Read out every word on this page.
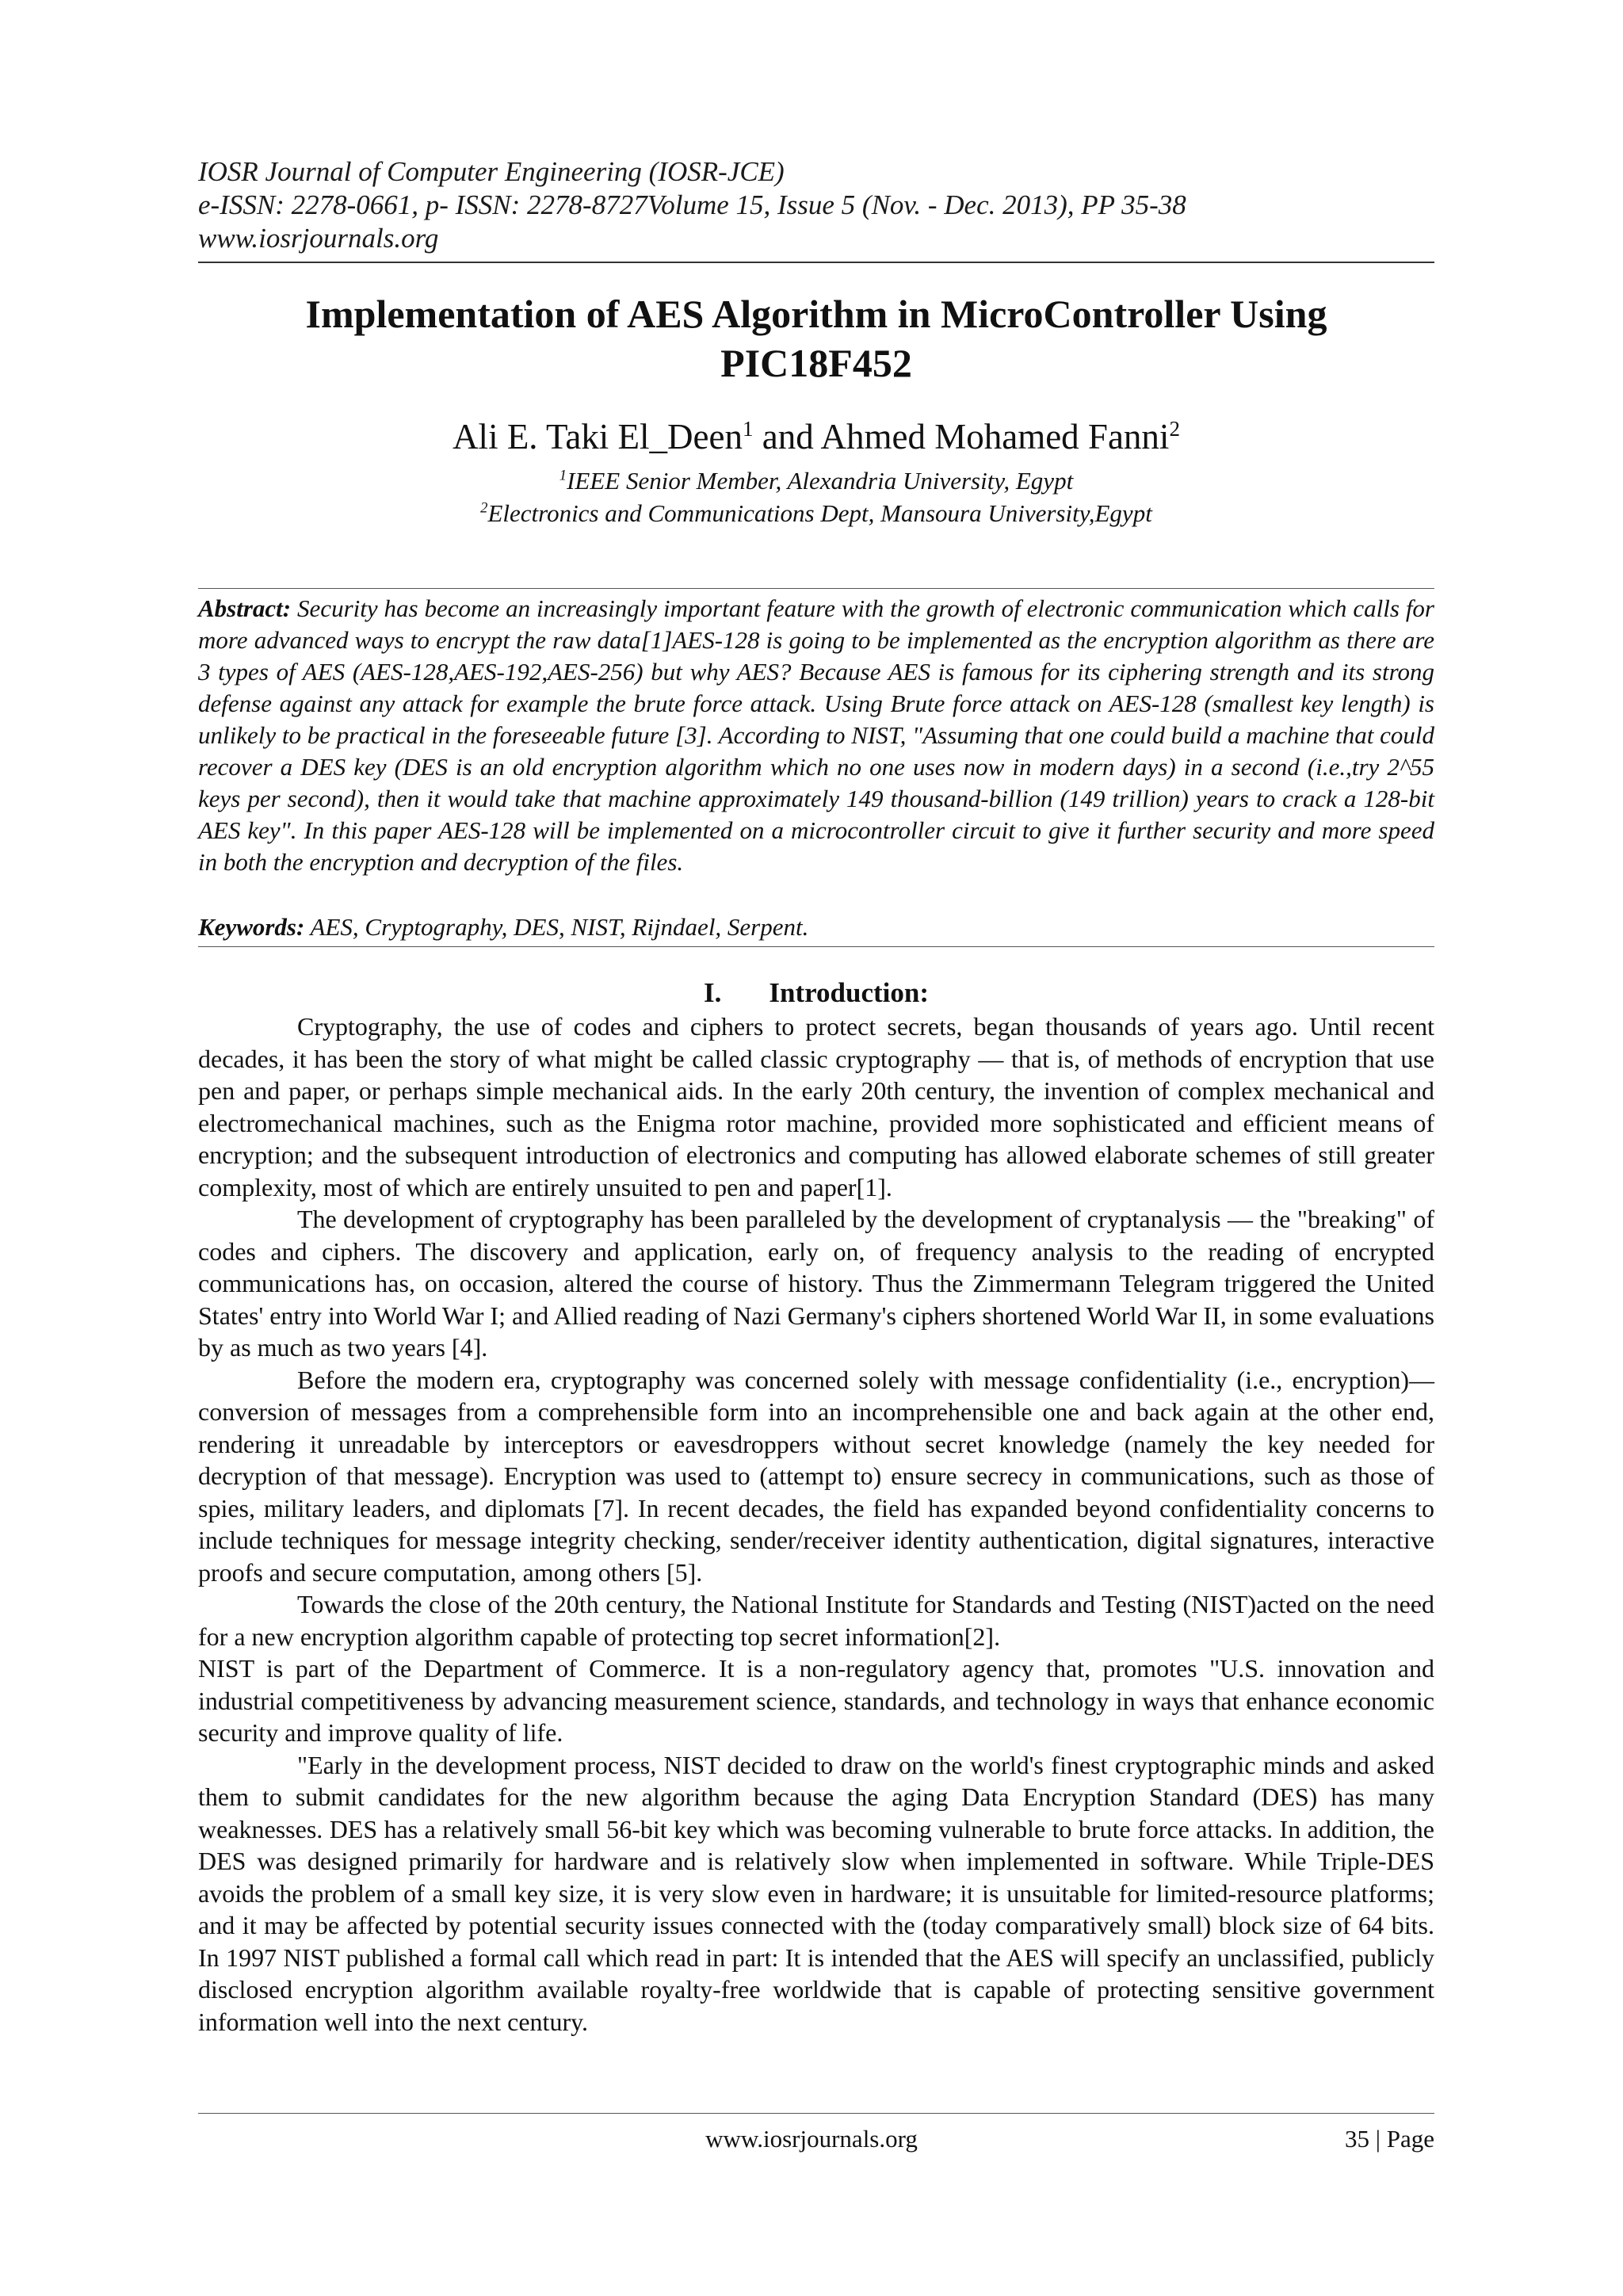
IOSR Journal of Computer Engineering (IOSR-JCE)
e-ISSN: 2278-0661, p- ISSN: 2278-8727Volume 15, Issue 5 (Nov. - Dec. 2013), PP 35-38
www.iosrjournals.org
Implementation of AES Algorithm in MicroController Using
PIC18F452
Ali E. Taki El_Deen$^1$ and Ahmed Mohamed Fanni$^2$
$^1$IEEE Senior Member, Alexandria University, Egypt
$^2$Electronics and Communications Dept, Mansoura University,Egypt
Abstract: Security has become an increasingly important feature with the growth of electronic communication which calls for more advanced ways to encrypt the raw data[1]AES-128 is going to be implemented as the encryption algorithm as there are 3 types of AES (AES-128,AES-192,AES-256) but why AES? Because AES is famous for its ciphering strength and its strong defense against any attack for example the brute force attack. Using Brute force attack on AES-128 (smallest key length) is unlikely to be practical in the foreseeable future [3]. According to NIST, "Assuming that one could build a machine that could recover a DES key (DES is an old encryption algorithm which no one uses now in modern days) in a second (i.e.,try 2^55 keys per second), then it would take that machine approximately 149 thousand-billion (149 trillion) years to crack a 128-bit AES key". In this paper AES-128 will be implemented on a microcontroller circuit to give it further security and more speed in both the encryption and decryption of the files.
Keywords: AES, Cryptography, DES, NIST, Rijndael, Serpent.
I. Introduction:

Cryptography, the use of codes and ciphers to protect secrets, began thousands of years ago. Until recent decades, it has been the story of what might be called classic cryptography — that is, of methods of encryption that use pen and paper, or perhaps simple mechanical aids. In the early 20th century, the invention of complex mechanical and electromechanical machines, such as the Enigma rotor machine, provided more sophisticated and efficient means of encryption; and the subsequent introduction of electronics and computing has allowed elaborate schemes of still greater complexity, most of which are entirely unsuited to pen and paper[1].

The development of cryptography has been paralleled by the development of cryptanalysis — the "breaking" of codes and ciphers. The discovery and application, early on, of frequency analysis to the reading of encrypted communications has, on occasion, altered the course of history. Thus the Zimmermann Telegram triggered the United States' entry into World War I; and Allied reading of Nazi Germany's ciphers shortened World War II, in some evaluations by as much as two years [4].

Before the modern era, cryptography was concerned solely with message confidentiality (i.e., encryption)—conversion of messages from a comprehensible form into an incomprehensible one and back again at the other end, rendering it unreadable by interceptors or eavesdroppers without secret knowledge (namely the key needed for decryption of that message). Encryption was used to (attempt to) ensure secrecy in communications, such as those of spies, military leaders, and diplomats [7]. In recent decades, the field has expanded beyond confidentiality concerns to include techniques for message integrity checking, sender/receiver identity authentication, digital signatures, interactive proofs and secure computation, among others [5].

Towards the close of the 20th century, the National Institute for Standards and Testing (NIST)acted on the need for a new encryption algorithm capable of protecting top secret information[2].

NIST is part of the Department of Commerce. It is a non-regulatory agency that, promotes "U.S. innovation and industrial competitiveness by advancing measurement science, standards, and technology in ways that enhance economic security and improve quality of life.

"Early in the development process, NIST decided to draw on the world's finest cryptographic minds and asked them to submit candidates for the new algorithm because the aging Data Encryption Standard (DES) has many weaknesses. DES has a relatively small 56-bit key which was becoming vulnerable to brute force attacks. In addition, the DES was designed primarily for hardware and is relatively slow when implemented in software. While Triple-DES avoids the problem of a small key size, it is very slow even in hardware; it is unsuitable for limited-resource platforms; and it may be affected by potential security issues connected with the (today comparatively small) block size of 64 bits. In 1997 NIST published a formal call which read in part: It is intended that the AES will specify an unclassified, publicly disclosed encryption algorithm available royalty-free worldwide that is capable of protecting sensitive government information well into the next century.

www.iosrjournals.org	35 | Page
